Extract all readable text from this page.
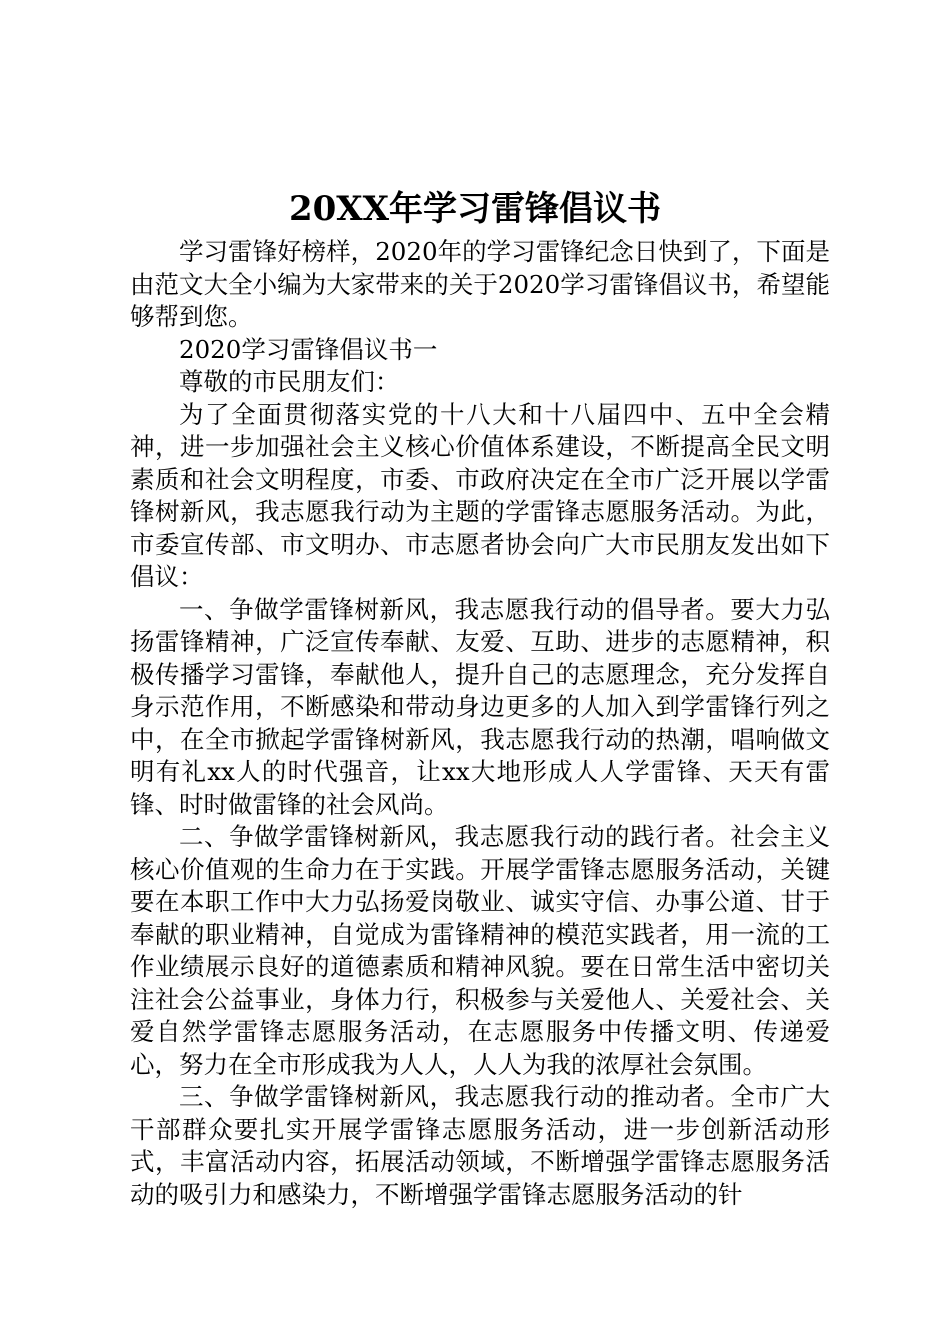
20XX年学习雷锋倡议书

学习雷锋好榜样，2020年的学习雷锋纪念日快到了，下面是由范文大全小编为大家带来的关于2020学习雷锋倡议书，希望能够帮到您。

2020学习雷锋倡议书一

尊敬的市民朋友们：

为了全面贯彻落实党的十八大和十八届四中、五中全会精神，进一步加强社会主义核心价值体系建设，不断提高全民文明素质和社会文明程度，市委、市政府决定在全市广泛开展以学雷锋树新风，我志愿我行动为主题的学雷锋志愿服务活动。为此，市委宣传部、市文明办、市志愿者协会向广大市民朋友发出如下倡议：

一、争做学雷锋树新风，我志愿我行动的倡导者。要大力弘扬雷锋精神，广泛宣传奉献、友爱、互助、进步的志愿精神，积极传播学习雷锋，奉献他人，提升自己的志愿理念，充分发挥自身示范作用，不断感染和带动身边更多的人加入到学雷锋行列之中，在全市掀起学雷锋树新风，我志愿我行动的热潮，唱响做文明有礼xx人的时代强音，让xx大地形成人人学雷锋、天天有雷锋、时时做雷锋的社会风尚。

二、争做学雷锋树新风，我志愿我行动的践行者。社会主义核心价值观的生命力在于实践。开展学雷锋志愿服务活动，关键要在本职工作中大力弘扬爱岗敬业、诚实守信、办事公道、甘于奉献的职业精神，自觉成为雷锋精神的模范实践者，用一流的工作业绩展示良好的道德素质和精神风貌。要在日常生活中密切关注社会公益事业，身体力行，积极参与关爱他人、关爱社会、关爱自然学雷锋志愿服务活动，在志愿服务中传播文明、传递爱心，努力在全市形成我为人人，人人为我的浓厚社会氛围。

三、争做学雷锋树新风，我志愿我行动的推动者。全市广大干部群众要扎实开展学雷锋志愿服务活动，进一步创新活动形式，丰富活动内容，拓展活动领域，不断增强学雷锋志愿服务活动的吸引力和感染力，不断增强学雷锋志愿服务活动的针
